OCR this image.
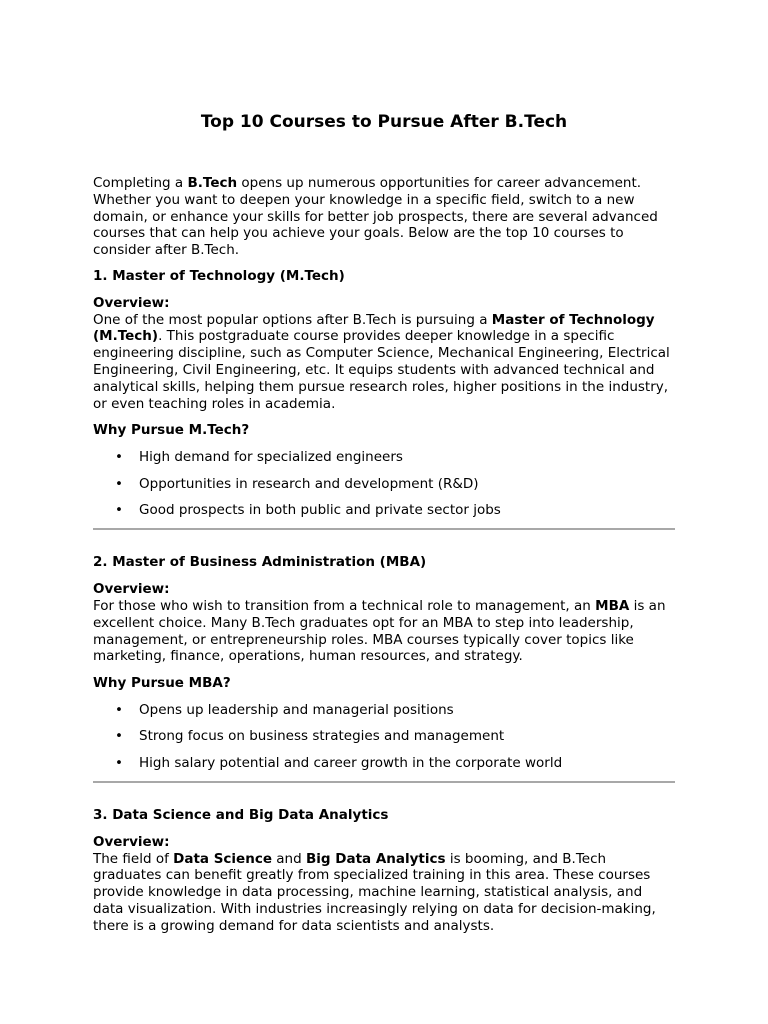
Top 10 Courses to Pursue After B.Tech

Completing a B.Tech opens up numerous opportunities for career advancement. Whether you want to deepen your knowledge in a specific field, switch to a new domain, or enhance your skills for better job prospects, there are several advanced courses that can help you achieve your goals. Below are the top 10 courses to consider after B.Tech.

1. Master of Technology (M.Tech)

Overview:
One of the most popular options after B.Tech is pursuing a Master of Technology (M.Tech). This postgraduate course provides deeper knowledge in a specific engineering discipline, such as Computer Science, Mechanical Engineering, Electrical Engineering, Civil Engineering, etc. It equips students with advanced technical and analytical skills, helping them pursue research roles, higher positions in the industry, or even teaching roles in academia.

Why Pursue M.Tech?

• High demand for specialized engineers
• Opportunities in research and development (R&D)
• Good prospects in both public and private sector jobs
2. Master of Business Administration (MBA)

Overview:
For those who wish to transition from a technical role to management, an MBA is an excellent choice. Many B.Tech graduates opt for an MBA to step into leadership, management, or entrepreneurship roles. MBA courses typically cover topics like marketing, finance, operations, human resources, and strategy.

Why Pursue MBA?

• Opens up leadership and managerial positions
• Strong focus on business strategies and management
• High salary potential and career growth in the corporate world
3. Data Science and Big Data Analytics

Overview:
The field of Data Science and Big Data Analytics is booming, and B.Tech graduates can benefit greatly from specialized training in this area. These courses provide knowledge in data processing, machine learning, statistical analysis, and data visualization. With industries increasingly relying on data for decision-making, there is a growing demand for data scientists and analysts.
